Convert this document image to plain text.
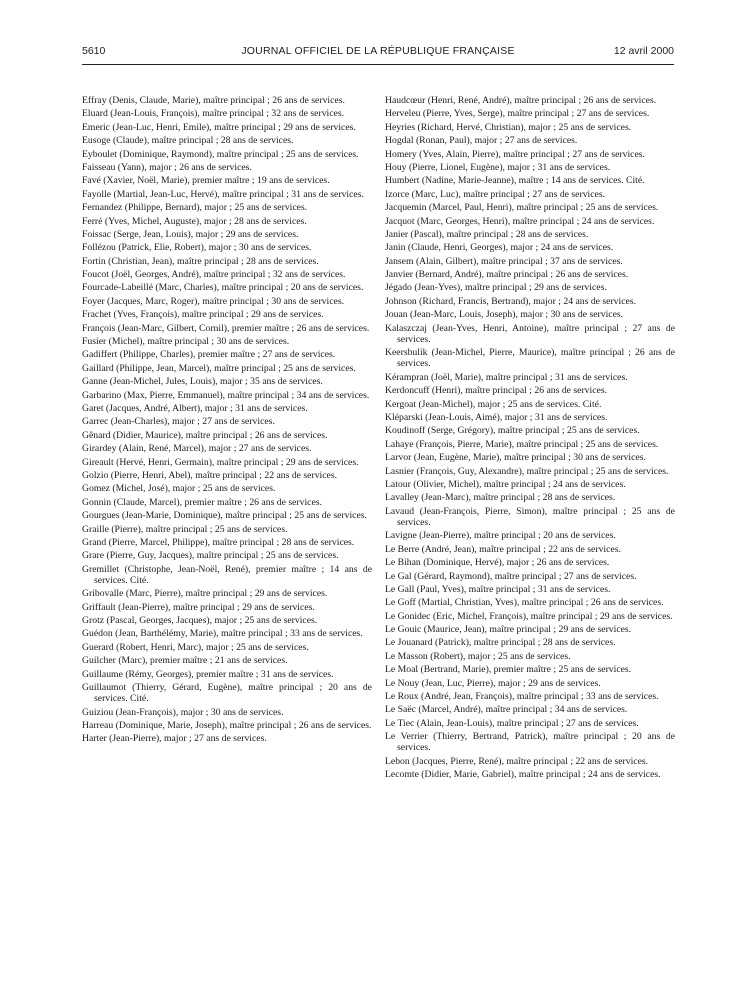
5610	JOURNAL OFFICIEL DE LA RÉPUBLIQUE FRANÇAISE	12 avril 2000

Effray (Denis, Claude, Marie), maître principal ; 26 ans de services.

Eluard (Jean-Louis, François), maître principal ; 32 ans de services.

Emeric (Jean-Luc, Henri, Emile), maître principal ; 29 ans de services.

Eusoge (Claude), maître principal ; 28 ans de services.

Eyboulet (Dominique, Raymond), maître principal ; 25 ans de services.

Faisseau (Yann), major ; 26 ans de services.

Favé (Xavier, Noël, Marie), premier maître ; 19 ans de services.

Fayolle (Martial, Jean-Luc, Hervé), maître principal ; 31 ans de services.

Fernandez (Philippe, Bernard), major ; 25 ans de services.

Ferré (Yves, Michel, Auguste), major ; 28 ans de services.

Foissac (Serge, Jean, Louis), major ; 29 ans de services.

Follézou (Patrick, Elie, Robert), major ; 30 ans de services.

Fortin (Christian, Jean), maître principal ; 28 ans de services.

Foucot (Joël, Georges, André), maître principal ; 32 ans de services.

Fourcade-Labeillé (Marc, Charles), maître principal ; 20 ans de services.

Foyer (Jacques, Marc, Roger), maître principal ; 30 ans de services.

Frachet (Yves, François), maître principal ; 29 ans de services.

François (Jean-Marc, Gilbert, Cornil), premier maître ; 26 ans de services.

Fusier (Michel), maître principal ; 30 ans de services.

Gadiffert (Philippe, Charles), premier maître ; 27 ans de services.

Gaillard (Philippe, Jean, Marcel), maître principal ; 25 ans de services.

Ganne (Jean-Michel, Jules, Louis), major ; 35 ans de services.

Garbarino (Max, Pierre, Emmanuel), maître principal ; 34 ans de services.

Garet (Jacques, André, Albert), major ; 31 ans de services.

Garrec (Jean-Charles), major ; 27 ans de services.

Gênard (Didier, Maurice), maître principal ; 26 ans de services.

Girardey (Alain, René, Marcel), major ; 27 ans de services.

Gireault (Hervé, Henri, Germain), maître principal ; 29 ans de services.

Golzio (Pierre, Henri, Abel), maître principal ; 22 ans de services.

Gomez (Michel, José), major ; 25 ans de services.

Gonnin (Claude, Marcel), premier maître ; 26 ans de services.

Gourgues (Jean-Marie, Dominique), maître principal ; 25 ans de services.

Graille (Pierre), maître principal ; 25 ans de services.

Grand (Pierre, Marcel, Philippe), maître principal ; 28 ans de services.

Grare (Pierre, Guy, Jacques), maître principal ; 25 ans de services.

Gremillet (Christophe, Jean-Noël, René), premier maître ; 14 ans de services. Cité.

Gribovalle (Marc, Pierre), maître principal ; 29 ans de services.

Griffault (Jean-Pierre), maître principal ; 29 ans de services.

Grotz (Pascal, Georges, Jacques), major ; 25 ans de services.

Guédon (Jean, Barthélémy, Marie), maître principal ; 33 ans de services.

Guerard (Robert, Henri, Marc), major ; 25 ans de services.

Guilcher (Marc), premier maître ; 21 ans de services.

Guillaume (Rémy, Georges), premier maître ; 31 ans de services.

Guillaumot (Thierry, Gérard, Eugène), maître principal ; 20 ans de services. Cité.

Guiziou (Jean-François), major ; 30 ans de services.

Harreau (Dominique, Marie, Joseph), maître principal ; 26 ans de services.

Harter (Jean-Pierre), major ; 27 ans de services.

Haudcœur (Henri, René, André), maître principal ; 26 ans de services.

Herveleu (Pierre, Yves, Serge), maître principal ; 27 ans de services.

Heyries (Richard, Hervé, Christian), major ; 25 ans de services.

Hogdal (Ronan, Paul), major ; 27 ans de services.

Homery (Yves, Alain, Pierre), maître principal ; 27 ans de services.

Houy (Pierre, Lionel, Eugène), major ; 31 ans de services.

Humbert (Nadine, Marie-Jeanne), maître ; 14 ans de services. Cité.

Izorce (Marc, Luc), maître principal ; 27 ans de services.

Jacquemin (Marcel, Paul, Henri), maître principal ; 25 ans de services.

Jacquot (Marc, Georges, Henri), maître principal ; 24 ans de services.

Janier (Pascal), maître principal ; 28 ans de services.

Janin (Claude, Henri, Georges), major ; 24 ans de services.

Jansem (Alain, Gilbert), maître principal ; 37 ans de services.

Janvier (Bernard, André), maître principal ; 26 ans de services.

Jégado (Jean-Yves), maître principal ; 29 ans de services.

Johnson (Richard, Francis, Bertrand), major ; 24 ans de services.

Jouan (Jean-Marc, Louis, Joseph), major ; 30 ans de services.

Kalaszczaj (Jean-Yves, Henri, Antoine), maître principal ; 27 ans de services.

Keersbulik (Jean-Michel, Pierre, Maurice), maître principal ; 26 ans de services.

Kérampran (Joël, Marie), maître principal ; 31 ans de services.

Kerdoncuff (Henri), maître principal ; 26 ans de services.

Kergoat (Jean-Michel), major ; 25 ans de services. Cité.

Kléparski (Jean-Louis, Aimé), major ; 31 ans de services.

Koudinoff (Serge, Grégory), maître principal ; 25 ans de services.

Lahaye (François, Pierre, Marie), maître principal ; 25 ans de services.

Larvor (Jean, Eugène, Marie), maître principal ; 30 ans de services.

Lasnier (François, Guy, Alexandre), maître principal ; 25 ans de services.

Latour (Olivier, Michel), maître principal ; 24 ans de services.

Lavalley (Jean-Marc), maître principal ; 28 ans de services.

Lavaud (Jean-François, Pierre, Simon), maître principal ; 25 ans de services.

Lavigne (Jean-Pierre), maître principal ; 20 ans de services.

Le Berre (André, Jean), maître principal ; 22 ans de services.

Le Bihan (Dominique, Hervé), major ; 26 ans de services.

Le Gal (Gérard, Raymond), maître principal ; 27 ans de services.

Le Gall (Paul, Yves), maître principal ; 31 ans de services.

Le Goff (Martial, Christian, Yves), maître principal ; 26 ans de services.

Le Gonidec (Eric, Michel, François), maître principal ; 29 ans de services.

Le Gouic (Maurice, Jean), maître principal ; 29 ans de services.

Le Jouanard (Patrick), maître principal ; 28 ans de services.

Le Masson (Robert), major ; 25 ans de services.

Le Moal (Bertrand, Marie), premier maître ; 25 ans de services.

Le Nouy (Jean, Luc, Pierre), major ; 29 ans de services.

Le Roux (André, Jean, François), maître principal ; 33 ans de services.

Le Saëc (Marcel, André), maître principal ; 34 ans de services.

Le Tiec (Alain, Jean-Louis), maître principal ; 27 ans de services.

Le Verrier (Thierry, Bertrand, Patrick), maître principal ; 20 ans de services.

Lebon (Jacques, Pierre, René), maître principal ; 22 ans de services.

Lecomte (Didier, Marie, Gabriel), maître principal ; 24 ans de services.
